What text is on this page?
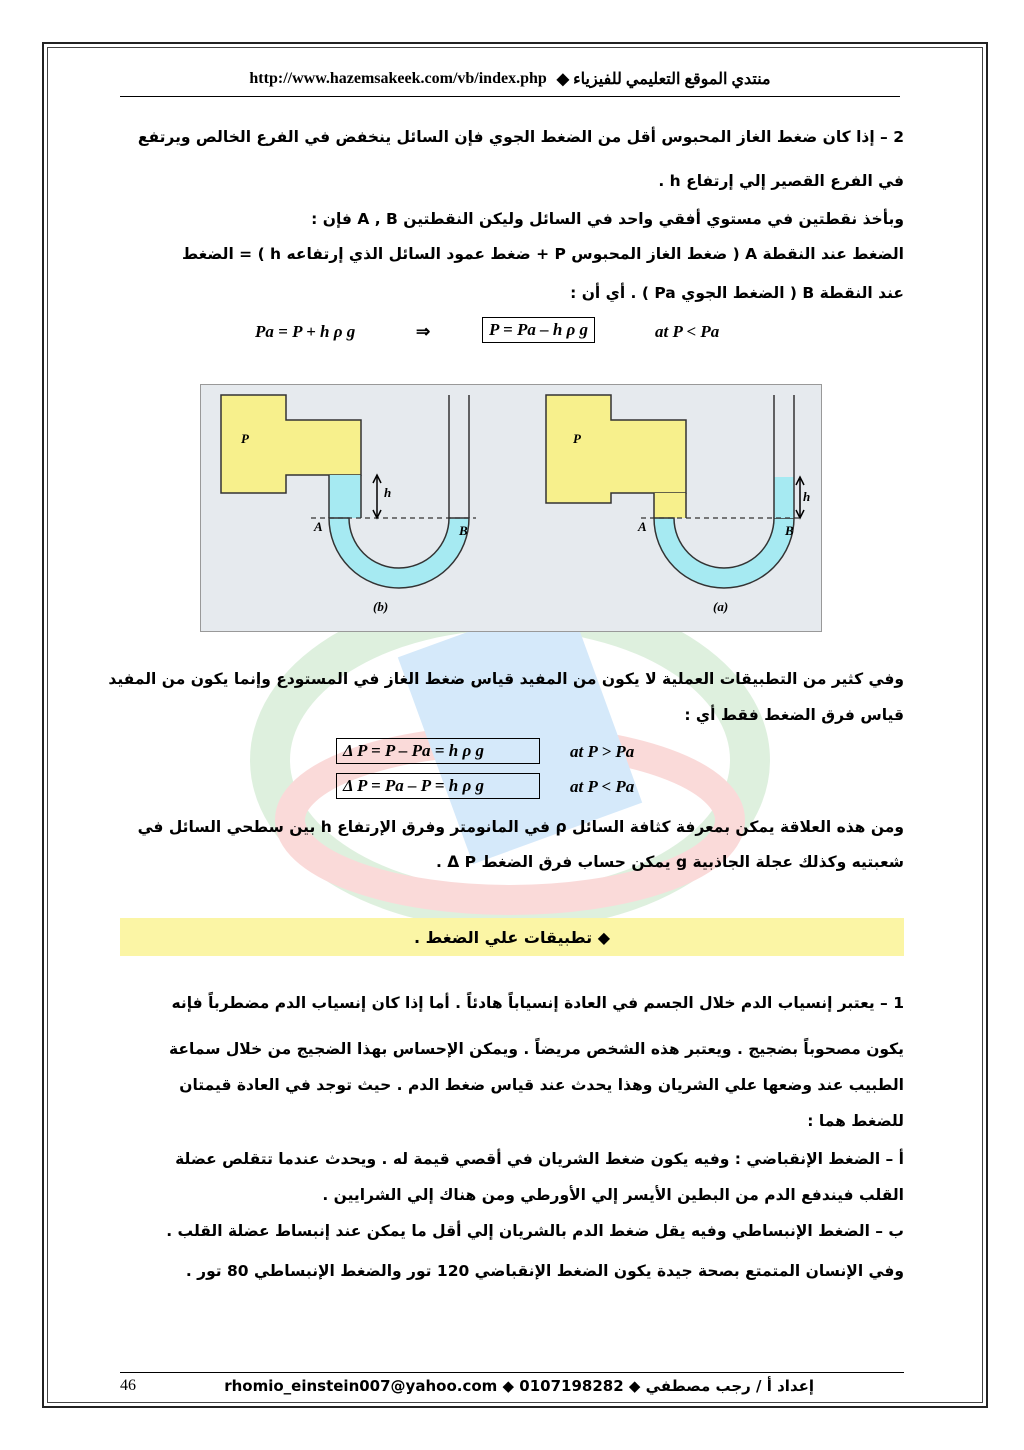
منتدي الموقع التعليمي للفيزياء ◆
http://www.hazemsakeek.com/vb/index.php
2 – إذا كان ضغط الغاز المحبوس أقل من الضغط الجوي فإن السائل ينخفض في الفرع الخالص ويرتفع
في الفرع القصير إلي إرتفاع h .
وبأخذ نقطتين في مستوي أفقي واحد في السائل وليكن النقطتين A , B فإن :
الضغط عند النقطة A ( ضغط الغاز المحبوس P + ضغط عمود السائل الذي إرتفاعه h ) = الضغط
عند النقطة B ( الضغط الجوي Pa ) . أي أن :
Pa = P + h ρ g	⇒	P = Pa – h ρ g	at P < Pa
P
h
A	B
(b)
P
h
A	B
(a)
وفي كثير من التطبيقات العملية لا يكون من المفيد قياس ضغط الغاز في المستودع وإنما يكون من المفيد
قياس فرق الضغط فقط أي :
Δ P = P – Pa = h ρ g	at P > Pa
Δ P = Pa – P = h ρ g	at P < Pa
ومن هذه العلاقة يمكن بمعرفة كثافة السائل ρ في المانومتر وفرق الإرتفاع h بين سطحي السائل في
شعبتيه وكذلك عجلة الجاذبية g يمكن حساب فرق الضغط Δ P .
◆ تطبيقات علي الضغط .
1 – يعتبر إنسياب الدم خلال الجسم في العادة إنسياباً هادئاً . أما إذا كان إنسياب الدم مضطرباً فإنه
يكون مصحوباً بضجيج . ويعتبر هذه الشخص مريضاً . ويمكن الإحساس بهذا الضجيج من خلال سماعة
الطبيب عند وضعها علي الشريان وهذا يحدث عند قياس ضغط الدم . حيث توجد في العادة قيمتان
للضغط هما :
أ – الضغط الإنقباضي : وفيه يكون ضغط الشريان في أقصي قيمة له . ويحدث عندما تتقلص عضلة
القلب فيندفع الدم من البطين الأيسر إلي الأورطي ومن هناك إلي الشرايين .
ب – الضغط الإنبساطي وفيه يقل ضغط الدم بالشريان إلي أقل ما يمكن عند إنبساط عضلة القلب .
وفي الإنسان المتمتع بصحة جيدة يكون الضغط الإنقباضي 120 تور والضغط الإنبساطي 80 تور .
46	إعداد أ / رجب مصطفي ◆ 0107198282 ◆ rhomio_einstein007@yahoo.com
